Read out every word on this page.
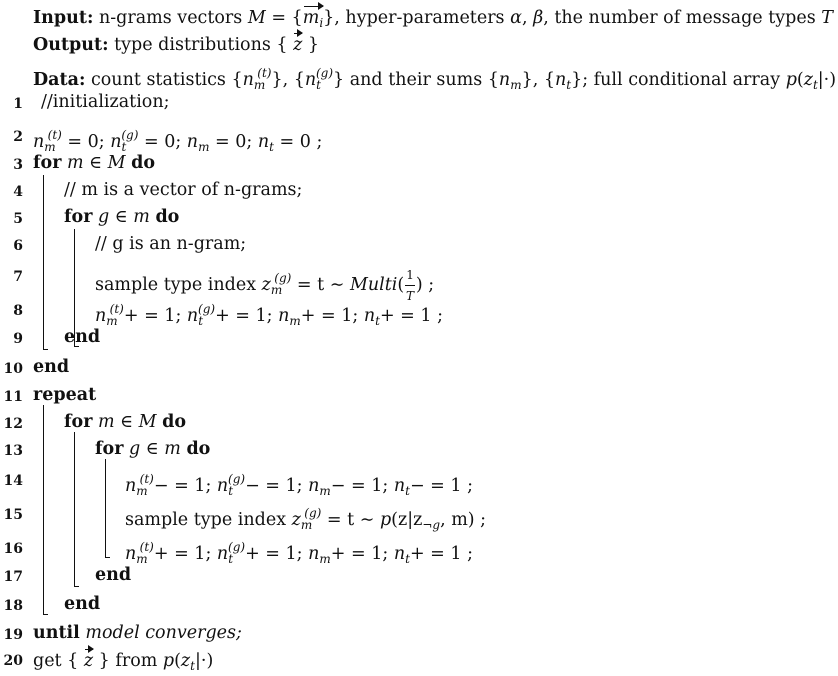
Input: n-grams vectors $M = \{m_i\}$, hyper-parameters α, β, the number of message types T
Output: type distributions { z }
Data: count statistics $\{n_m^{(t)}\}$, $\{n_t^{(g)}\}$ and their sums $\{n_m\}$, $\{n_t\}$; full conditional array $p(z_t|\cdot)$
1 //initialization;
2 $n_m^{(t)} = 0$; $n_t^{(g)} = 0$; $n_m = 0$; $n_t = 0$ ;
3 for m ∈ M do
4 // m is a vector of n-grams;
5 for g ∈ m do
6	// g is an n-gram;
7	sample type index $z_m^{(g)} = t$ ∼ Multi( $\frac{1}{T}$ ) ;
8	$n_m^{(t)}+ = 1$; $n_t^{(g)}+ = 1$; $n_m+ = 1$; $n_t+ = 1$ ;
9 end
10 end
11 repeat
12 for m ∈ M do
13	for g ∈ m do
14	$n_m^{(t)}- = 1$; $n_t^{(g)}- = 1$; $n_m- = 1$; $n_t- = 1$ ;
15	sample type index $z_m^{(g)} = t$ ∼ $p(z|z_{\neg g}$, m) ;
16	$n_m^{(t)}+ = 1$; $n_t^{(g)}+ = 1$; $n_m+ = 1$; $n_t+ = 1$ ;
17	end
18 end
19 until model converges;
20 get { z } from $p(z_t|\cdot)$
